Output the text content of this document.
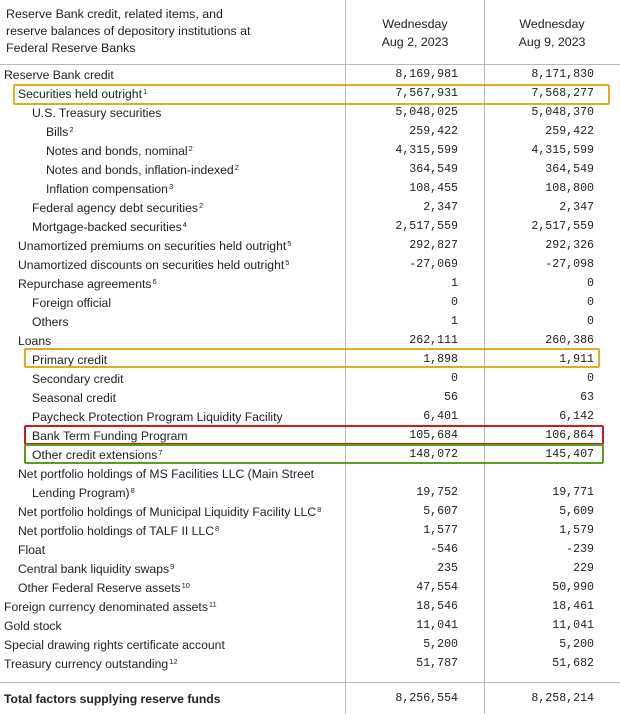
Reserve Bank credit, related items, and
reserve balances of depository institutions at
Federal Reserve Banks
Wednesday
Aug 2, 2023
Wednesday
Aug 9, 2023
Reserve Bank credit	8,169,981	8,171,830
Securities held outright$^1$	7,567,931	7,568,277
U.S. Treasury securities	5,048,025	5,048,370
Bills$^2$	259,422	259,422
Notes and bonds, nominal$^2$	4,315,599	4,315,599
Notes and bonds, inflation-indexed$^2$	364,549	364,549
Inflation compensation$^3$	108,455	108,800
Federal agency debt securities$^2$	2,347	2,347
Mortgage-backed securities$^4$	2,517,559	2,517,559
Unamortized premiums on securities held outright$^5$	292,827	292,326
Unamortized discounts on securities held outright$^5$	-27,069	-27,098
Repurchase agreements$^6$	1	0
Foreign official	0	0
Others	1	0
Loans	262,111	260,386
Primary credit	1,898	1,911
Secondary credit	0	0
Seasonal credit	56	63
Paycheck Protection Program Liquidity Facility	6,401	6,142
Bank Term Funding Program	105,684	106,864
Other credit extensions$^7$	148,072	145,407
Net portfolio holdings of MS Facilities LLC (Main Street
Lending Program)$^8$	19,752	19,771
Net portfolio holdings of Municipal Liquidity Facility LLC$^8$	5,607	5,609
Net portfolio holdings of TALF II LLC$^8$	1,577	1,579
Float	-546	-239
Central bank liquidity swaps$^9$	235	229
Other Federal Reserve assets$^{10}$	47,554	50,990
Foreign currency denominated assets$^{11}$	18,546	18,461
Gold stock	11,041	11,041
Special drawing rights certificate account	5,200	5,200
Treasury currency outstanding$^{12}$	51,787	51,682
Total factors supplying reserve funds	8,256,554	8,258,214
